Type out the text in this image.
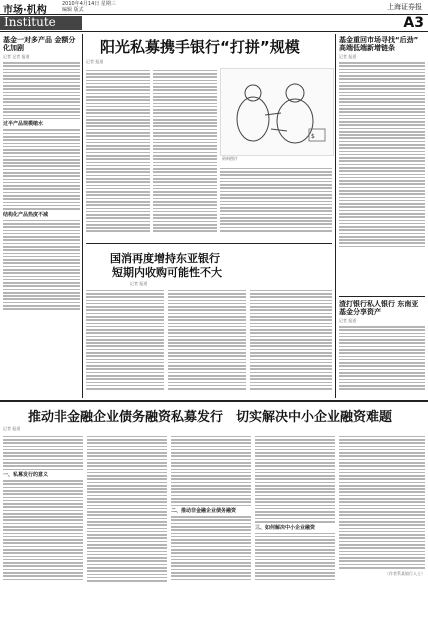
市场·机构
2010年4月14日 星期三
编辑 版式	上海证券报
Institute	A3
基金一对多产品 金额分化加剧
记者 记者 报道
过半产品规模缩水
结构化产品热度不减
阳光私募携手银行“打拼”规模
记者 报道
$
资料图片
国消再度增持东亚银行
短期内收购可能性不大
记者 报道
基金重回市场寻找“后劲”
高端低端新增链条
记者 报道
渣打银行私人银行 东南亚基金分享资产
记者 报道
推动非金融企业债务融资私募发行　切实解决中小企业融资难题
记者 报道
一、私募发行的意义
二、推动非金融企业债务融资
三、如何解决中小企业融资
（作者系某银行人士）
